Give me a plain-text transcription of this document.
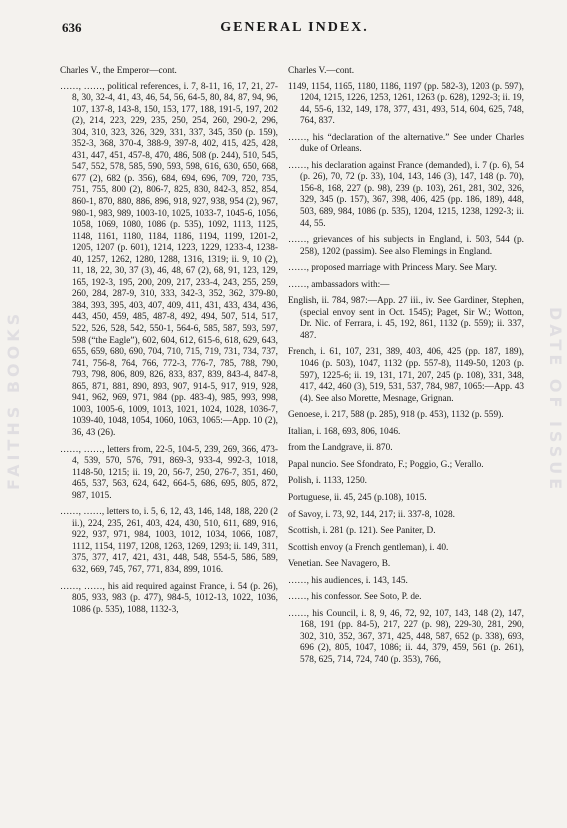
FAITHS BOOKS	DATE OF ISSUE
636	GENERAL INDEX.

Charles V., the Emperor—cont.

……, ……, political references, i. 7, 8-11, 16, 17, 21, 27-8, 30, 32-4, 41, 43, 46, 54, 56, 64-5, 80, 84, 87, 94, 96, 107, 137-8, 143-8, 150, 153, 177, 188, 191-5, 197, 202 (2), 214, 223, 229, 235, 250, 254, 260, 290-2, 296, 304, 310, 323, 326, 329, 331, 337, 345, 350 (p. 159), 352-3, 368, 370-4, 388-9, 397-8, 402, 415, 425, 428, 431, 447, 451, 457-8, 470, 486, 508 (p. 244), 510, 545, 547, 552, 578, 585, 590, 593, 598, 616, 630, 650, 668, 677 (2), 682 (p. 356), 684, 694, 696, 709, 720, 735, 751, 755, 800 (2), 806-7, 825, 830, 842-3, 852, 854, 860-1, 870, 880, 886, 896, 918, 927, 938, 954 (2), 967, 980-1, 983, 989, 1003-10, 1025, 1033-7, 1045-6, 1056, 1058, 1069, 1080, 1086 (p. 535), 1092, 1113, 1125, 1148, 1161, 1180, 1184, 1186, 1194, 1199, 1201-2, 1205, 1207 (p. 601), 1214, 1223, 1229, 1233-4, 1238-40, 1257, 1262, 1280, 1288, 1316, 1319; ii. 9, 10 (2), 11, 18, 22, 30, 37 (3), 46, 48, 67 (2), 68, 91, 123, 129, 165, 192-3, 195, 200, 209, 217, 233-4, 243, 255, 259, 260, 284, 287-9, 310, 333, 342-3, 352, 362, 379-80, 384, 393, 395, 403, 407, 409, 411, 431, 433, 434, 436, 443, 450, 459, 485, 487-8, 492, 494, 507, 514, 517, 522, 526, 528, 542, 550-1, 564-6, 585, 587, 593, 597, 598 (“the Eagle”), 602, 604, 612, 615-6, 618, 629, 643, 655, 659, 680, 690, 704, 710, 715, 719, 731, 734, 737, 741, 756-8, 764, 766, 772-3, 776-7, 785, 788, 790, 793, 798, 806, 809, 826, 833, 837, 839, 843-4, 847-8, 865, 871, 881, 890, 893, 907, 914-5, 917, 919, 928, 941, 962, 969, 971, 984 (pp. 483-4), 985, 993, 998, 1003, 1005-6, 1009, 1013, 1021, 1024, 1028, 1036-7, 1039-40, 1048, 1054, 1060, 1063, 1065:—App. 10 (2), 36, 43 (26).

……, ……, letters from, 22-5, 104-5, 239, 269, 366, 473-4, 539, 570, 576, 791, 869-3, 933-4, 992-3, 1018, 1148-50, 1215; ii. 19, 20, 56-7, 250, 276-7, 351, 460, 465, 537, 563, 624, 642, 664-5, 686, 695, 805, 872, 987, 1015.

……, ……, letters to, i. 5, 6, 12, 43, 146, 148, 188, 220 (2 ii.), 224, 235, 261, 403, 424, 430, 510, 611, 689, 916, 922, 937, 971, 984, 1003, 1012, 1034, 1066, 1087, 1112, 1154, 1197, 1208, 1263, 1269, 1293; ii. 149, 311, 375, 377, 417, 421, 431, 448, 548, 554-5, 586, 589, 632, 669, 745, 767, 771, 834, 899, 1016.

……, ……, his aid required against France, i. 54 (p. 26), 805, 933, 983 (p. 477), 984-5, 1012-13, 1022, 1036, 1086 (p. 535), 1088, 1132-3,

Charles V.—cont.

1149, 1154, 1165, 1180, 1186, 1197 (pp. 582-3), 1203 (p. 597), 1204, 1215, 1226, 1253, 1261, 1263 (p. 628), 1292-3; ii. 19, 44, 55-6, 132, 149, 178, 377, 431, 493, 514, 604, 625, 748, 764, 837.

……, his “declaration of the alternative.” See under Charles duke of Orleans.

……, his declaration against France (demanded), i. 7 (p. 6), 54 (p. 26), 70, 72 (p. 33), 104, 143, 146 (3), 147, 148 (p. 70), 156-8, 168, 227 (p. 98), 239 (p. 103), 261, 281, 302, 326, 329, 345 (p. 157), 367, 398, 406, 425 (pp. 186, 189), 448, 503, 689, 984, 1086 (p. 535), 1204, 1215, 1238, 1292-3; ii. 44, 55.

……, grievances of his subjects in England, i. 503, 544 (p. 258), 1202 (passim). See also Flemings in England.

……, proposed marriage with Princess Mary. See Mary.

……, ambassadors with:—

English, ii. 784, 987:—App. 27 iii., iv. See Gardiner, Stephen, (special envoy sent in Oct. 1545); Paget, Sir W.; Wotton, Dr. Nic. of Ferrara, i. 45, 192, 861, 1132 (p. 559); ii. 337, 487.

French, i. 61, 107, 231, 389, 403, 406, 425 (pp. 187, 189), 1046 (p. 503), 1047, 1132 (pp. 557-8), 1149-50, 1203 (p. 597), 1225-6; ii. 19, 131, 171, 207, 245 (p. 108), 331, 348, 417, 442, 460 (3), 519, 531, 537, 784, 987, 1065:—App. 43 (4). See also Morette, Mesnage, Grignan.

Genoese, i. 217, 588 (p. 285), 918 (p. 453), 1132 (p. 559).

Italian, i. 168, 693, 806, 1046.

from the Landgrave, ii. 870.

Papal nuncio. See Sfondrato, F.; Poggio, G.; Verallo.

Polish, i. 1133, 1250.

Portuguese, ii. 45, 245 (p.108), 1015.

of Savoy, i. 73, 92, 144, 217; ii. 337-8, 1028.

Scottish, i. 281 (p. 121). See Paniter, D.

Scottish envoy (a French gentleman), i. 40.

Venetian. See Navagero, B.

……, his audiences, i. 143, 145.

……, his confessor. See Soto, P. de.

……, his Council, i. 8, 9, 46, 72, 92, 107, 143, 148 (2), 147, 168, 191 (pp. 84-5), 217, 227 (p. 98), 229-30, 281, 290, 302, 310, 352, 367, 371, 425, 448, 587, 652 (p. 338), 693, 696 (2), 805, 1047, 1086; ii. 44, 379, 459, 561 (p. 261), 578, 625, 714, 724, 740 (p. 353), 766,
